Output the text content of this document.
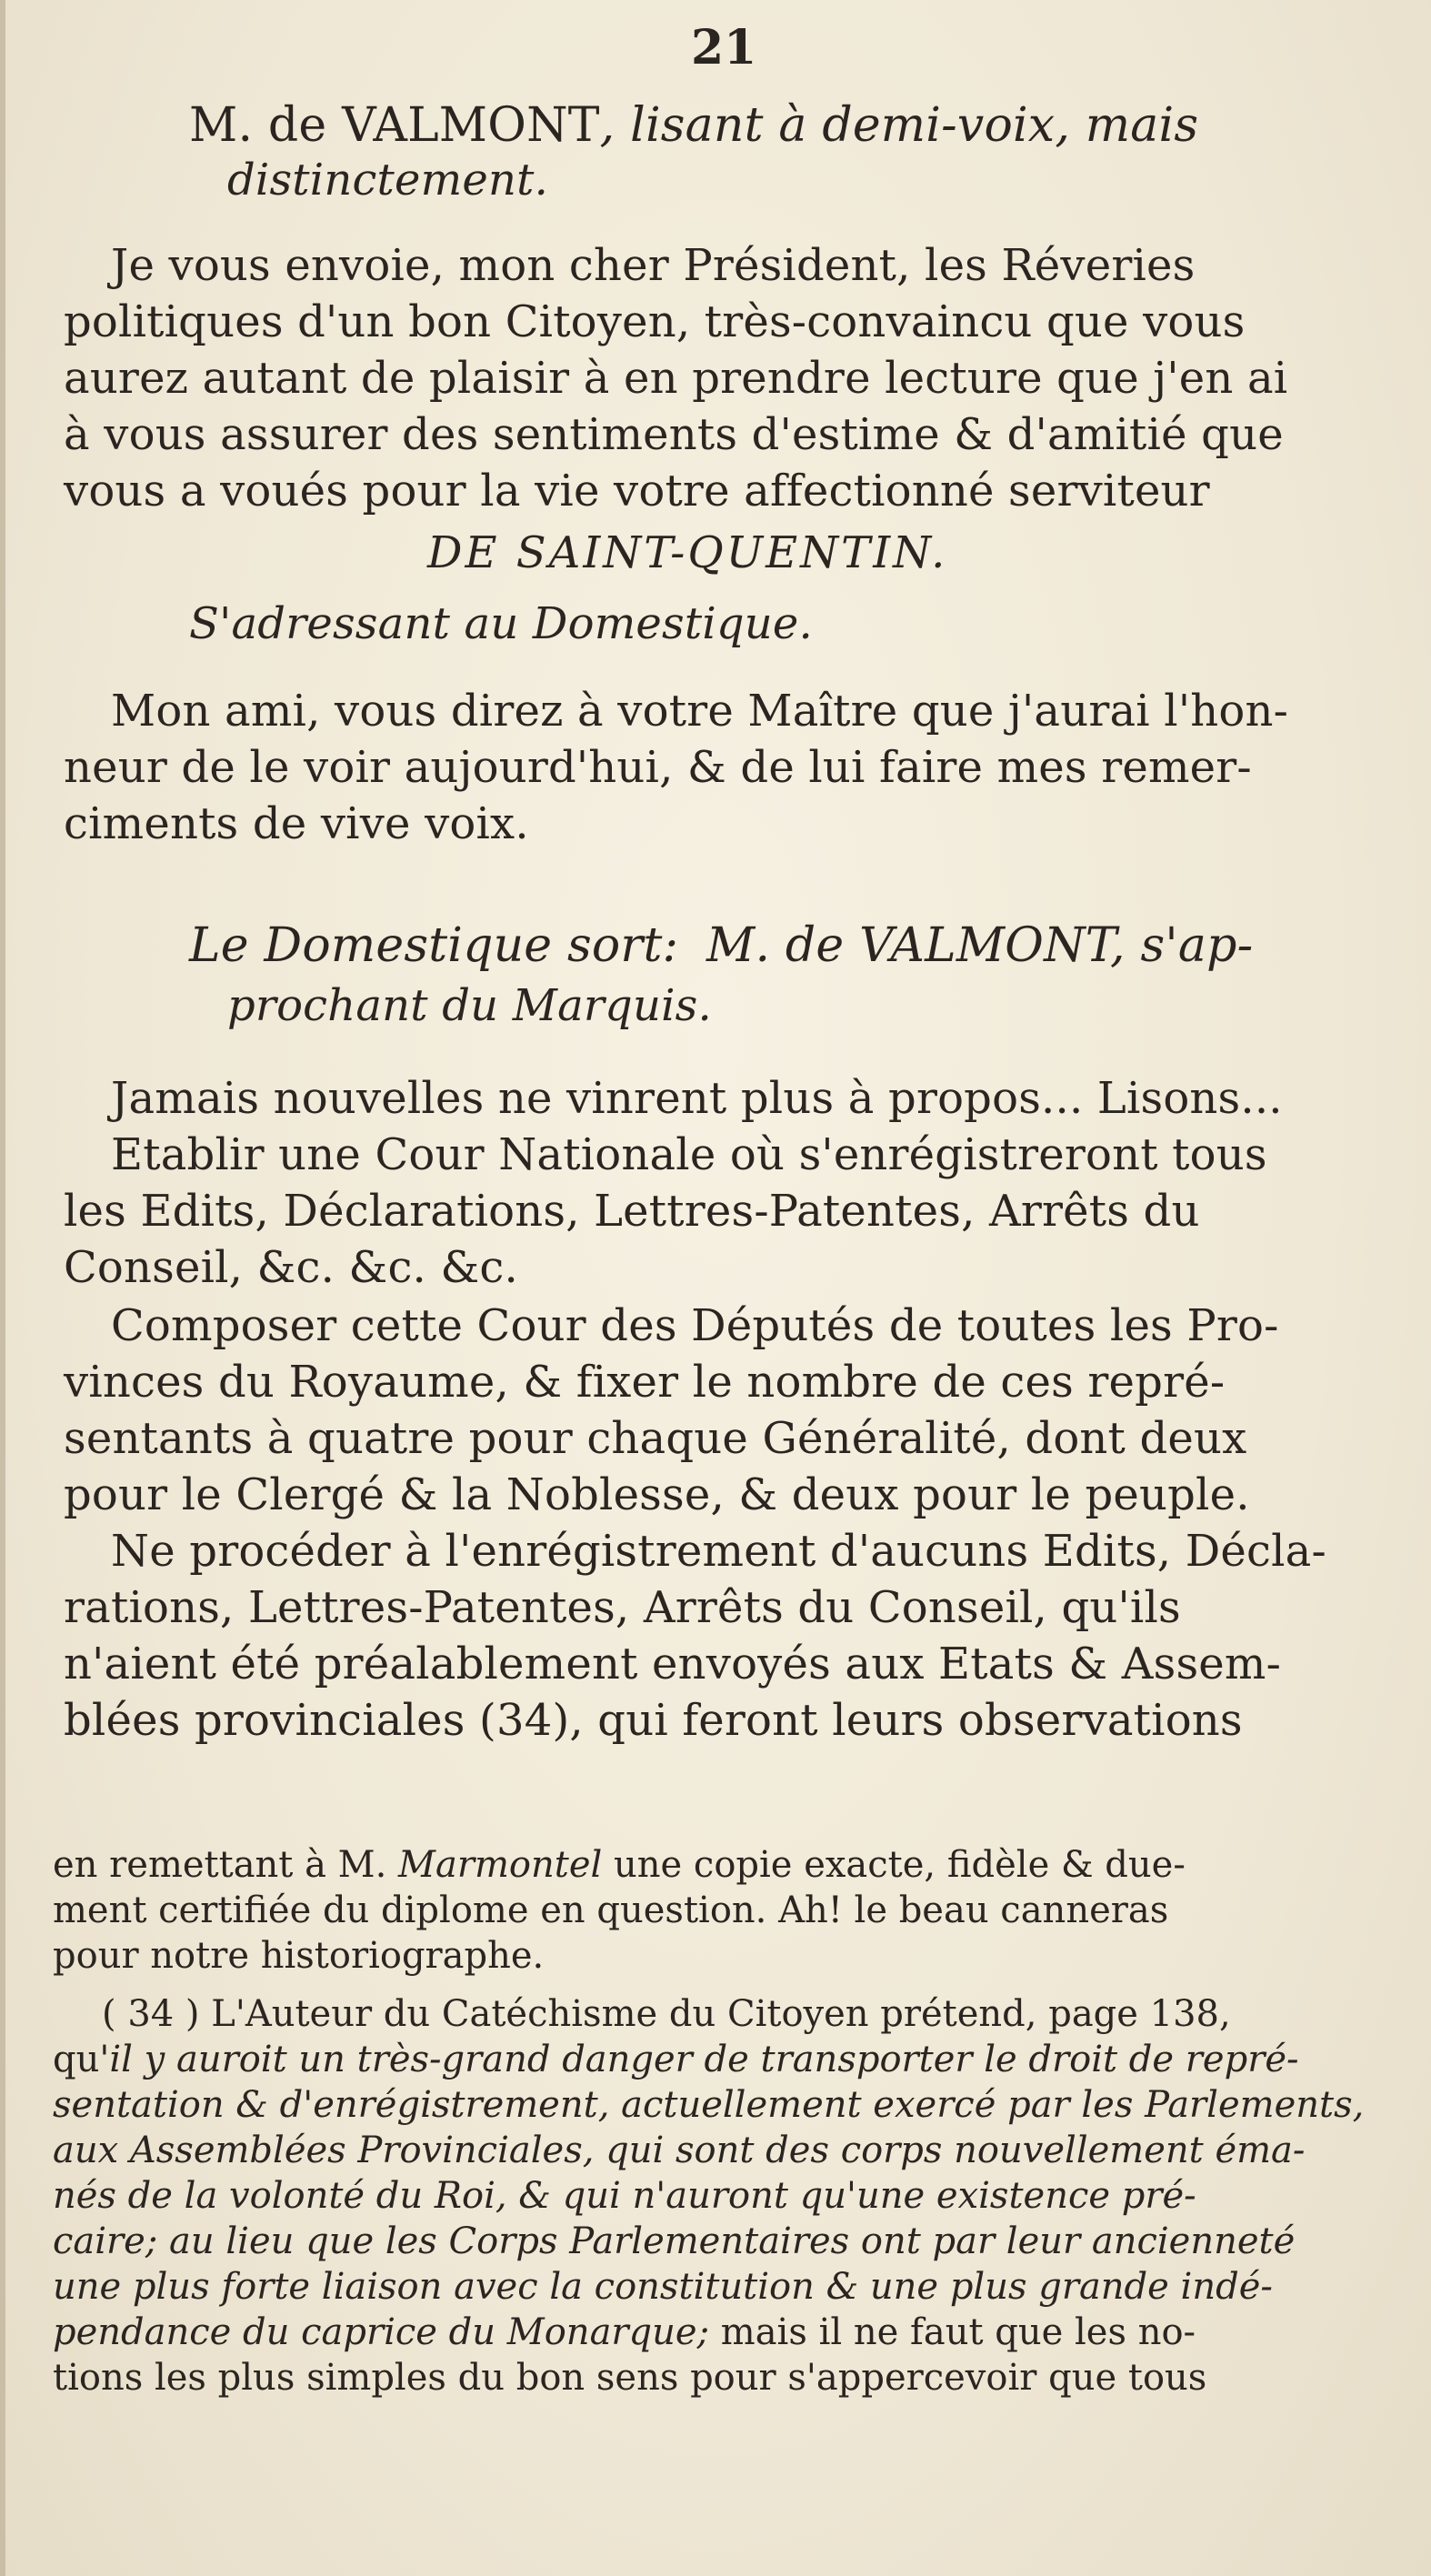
21
M. de VALMONT, lisant à demi-voix, mais
distinctement.
Je vous envoie, mon cher Président, les Réveries
politiques d'un bon Citoyen, très-convaincu que vous
aurez autant de plaisir à en prendre lecture que j'en ai
à vous assurer des sentiments d'estime & d'amitié que
vous a voués pour la vie votre affectionné serviteur
DE SAINT-QUENTIN.
S'adressant au Domestique.
Mon ami, vous direz à votre Maître que j'aurai l'hon-
neur de le voir aujourd'hui, & de lui faire mes remer-
ciments de vive voix.
Le Domestique sort: M. de VALMONT, s'ap-
prochant du Marquis.
Jamais nouvelles ne vinrent plus à propos... Lisons...
Etablir une Cour Nationale où s'enrégistreront tous
les Edits, Déclarations, Lettres-Patentes, Arrêts du
Conseil, &c. &c. &c.
Composer cette Cour des Députés de toutes les Pro-
vinces du Royaume, & fixer le nombre de ces repré-
sentants à quatre pour chaque Généralité, dont deux
pour le Clergé & la Noblesse, & deux pour le peuple.
Ne procéder à l'enrégistrement d'aucuns Edits, Décla-
rations, Lettres-Patentes, Arrêts du Conseil, qu'ils
n'aient été préalablement envoyés aux Etats & Assem-
blées provinciales (34), qui feront leurs observations
en remettant à M. Marmontel une copie exacte, fidèle & due-
ment certifiée du diplome en question. Ah! le beau canneras
pour notre historiographe.
( 34 ) L'Auteur du Catéchisme du Citoyen prétend, page 138,
qu'il y auroit un très-grand danger de transporter le droit de repré-
sentation & d'enrégistrement, actuellement exercé par les Parlements,
aux Assemblées Provinciales, qui sont des corps nouvellement éma-
nés de la volonté du Roi, & qui n'auront qu'une existence pré-
caire; au lieu que les Corps Parlementaires ont par leur ancienneté
une plus forte liaison avec la constitution & une plus grande indé-
pendance du caprice du Monarque; mais il ne faut que les no-
tions les plus simples du bon sens pour s'appercevoir que tous
